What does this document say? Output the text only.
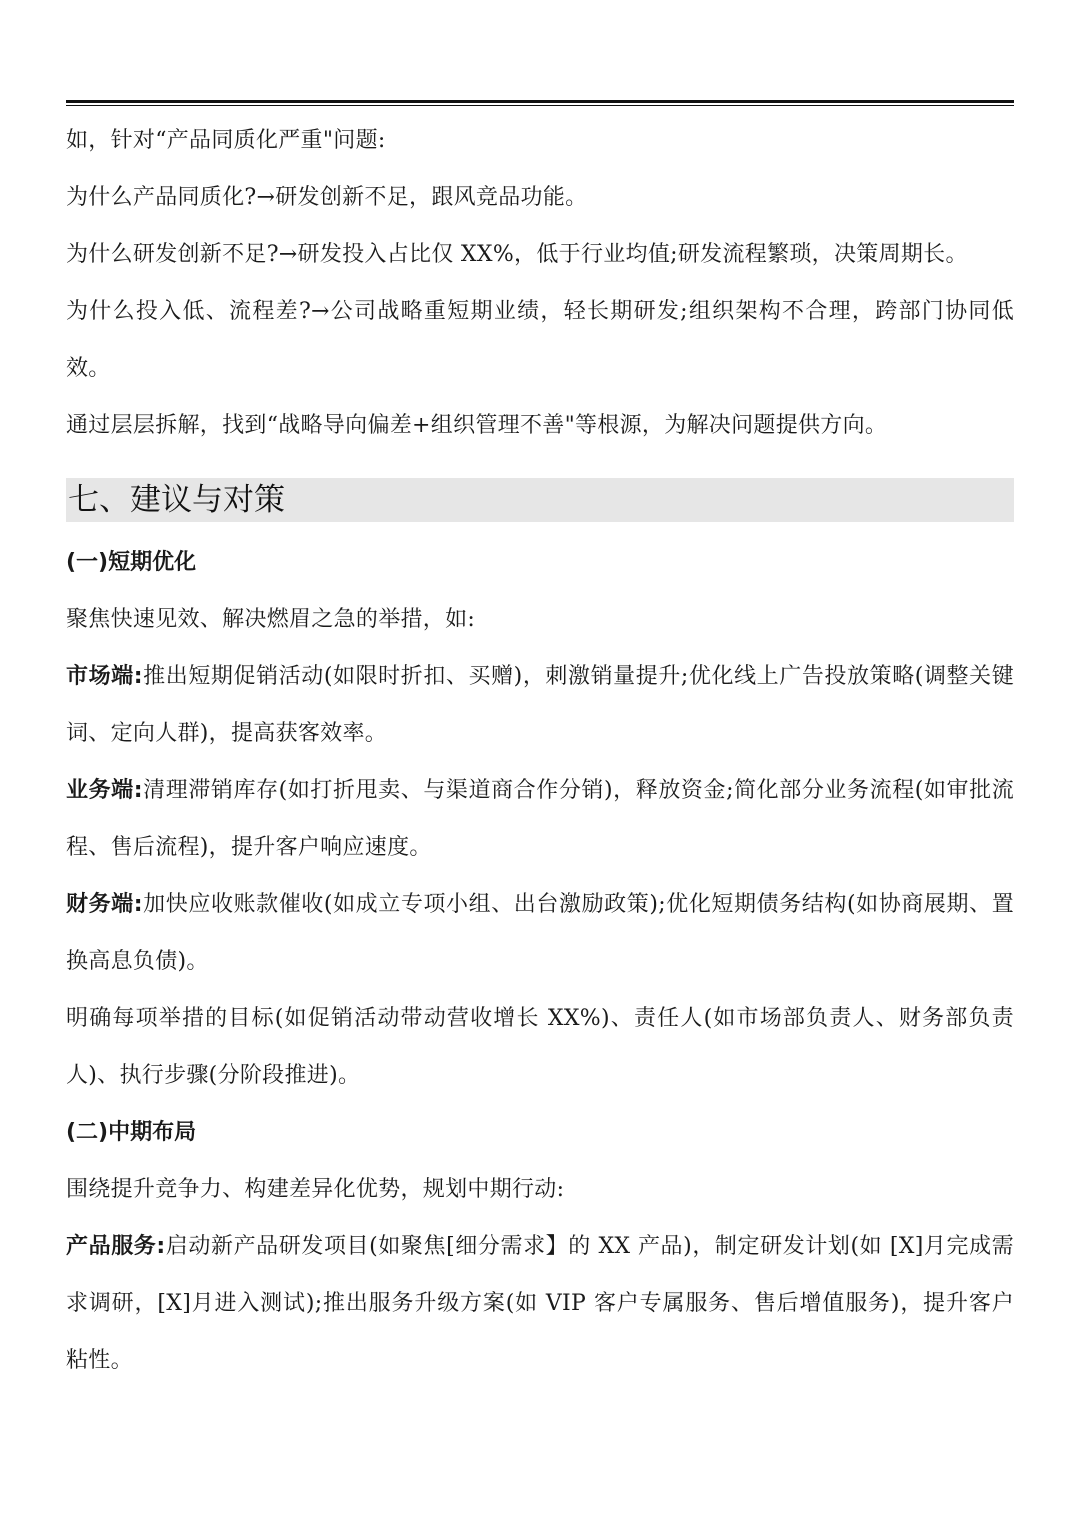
如，针对“产品同质化严重"问题:

为什么产品同质化?→研发创新不足，跟风竞品功能。

为什么研发创新不足?→研发投入占比仅 XX%，低于行业均值;研发流程繁琐，决策周期长。

为什么投入低、流程差?→公司战略重短期业绩，轻长期研发;组织架构不合理，跨部门协同低效。

通过层层拆解，找到“战略导向偏差+组织管理不善"等根源，为解决问题提供方向。

七、建议与对策

(一)短期优化

聚焦快速见效、解决燃眉之急的举措，如:

市场端:推出短期促销活动(如限时折扣、买赠)，刺激销量提升;优化线上广告投放策略(调整关键词、定向人群)，提高获客效率。

业务端:清理滞销库存(如打折甩卖、与渠道商合作分销)，释放资金;简化部分业务流程(如审批流程、售后流程)，提升客户响应速度。

财务端:加快应收账款催收(如成立专项小组、出台激励政策);优化短期债务结构(如协商展期、置换高息负债)。

明确每项举措的目标(如促销活动带动营收增长 XX%)、责任人(如市场部负责人、财务部负责人)、执行步骤(分阶段推进)。

(二)中期布局

围绕提升竞争力、构建差异化优势，规划中期行动:

产品服务:启动新产品研发项目(如聚焦[细分需求】的 XX 产品)，制定研发计划(如 [X]月完成需求调研，[X]月进入测试);推出服务升级方案(如 VIP 客户专属服务、售后增值服务)，提升客户粘性。
